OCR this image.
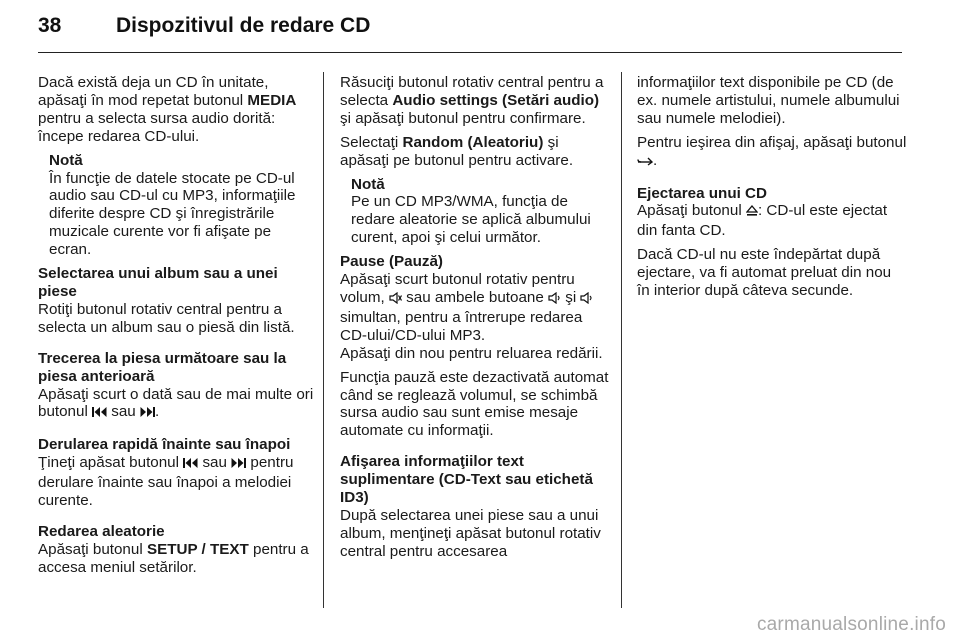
38	Dispozitivul de redare CD

Dacă există deja un CD în unitate, apăsaţi în mod repetat butonul MEDIA pentru a selecta sursa audio dorită: începe redarea CD-ului.

Notă
În funcţie de datele stocate pe CD-ul audio sau CD-ul cu MP3, informaţiile diferite despre CD şi înregistrările muzicale curente vor fi afişate pe ecran.
Selectarea unui album sau a unei piese

Rotiţi butonul rotativ central pentru a selecta un album sau o piesă din listă.

Trecerea la piesa următoare sau la piesa anterioară

Apăsaţi scurt o dată sau de mai multe ori butonul  sau .

Derularea rapidă înainte sau înapoi

Ţineţi apăsat butonul  sau  pentru derulare înainte sau înapoi a melodiei curente.

Redarea aleatorie

Apăsaţi butonul SETUP / TEXT pentru a accesa meniul setărilor.

Răsuciţi butonul rotativ central pentru a selecta Audio settings (Setări audio) şi apăsaţi butonul pentru confirmare.

Selectaţi Random (Aleatoriu) şi apăsaţi pe butonul pentru activare.

Notă
Pe un CD MP3/WMA, funcţia de redare aleatorie se aplică albumului curent, apoi şi celui următor.
Pause (Pauză)
Apăsaţi scurt butonul rotativ pentru volum,  sau ambele butoane  şi  simultan, pentru a întrerupe redarea CD-ului/CD-ului MP3.

Apăsaţi din nou pentru reluarea redării.

Funcţia pauză este dezactivată automat când se reglează volumul, se schimbă sursa audio sau sunt emise mesaje automate cu informaţii.

Afişarea informaţiilor text suplimentare (CD-Text sau etichetă ID3)

După selectarea unei piese sau a unui album, menţineţi apăsat butonul rotativ central pentru accesarea

informaţiilor text disponibile pe CD (de ex. numele artistului, numele albumului sau numele melodiei).

Pentru ieşirea din afişaj, apăsaţi butonul .

Ejectarea unui CD

Apăsaţi butonul : CD-ul este ejectat din fanta CD.

Dacă CD-ul nu este îndepărtat după ejectare, va fi automat preluat din nou în interior după câteva secunde.

carmanualsonline.info
